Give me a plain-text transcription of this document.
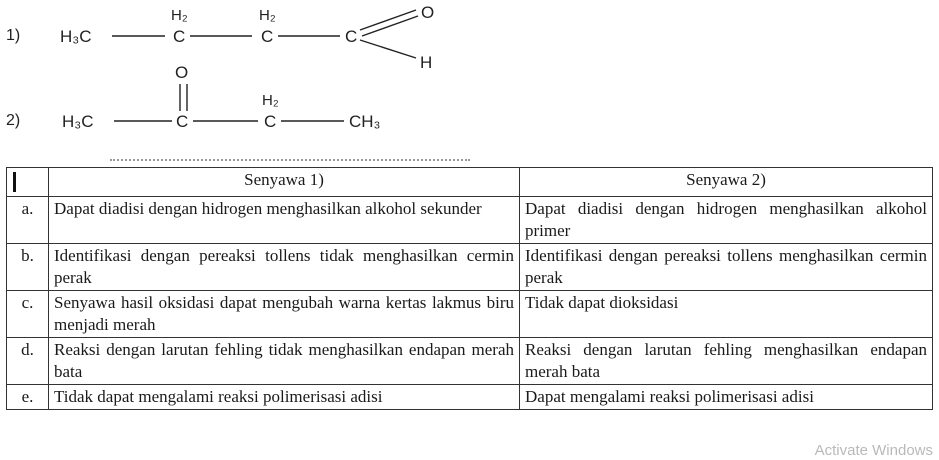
1) H₃C
H₂
C
H₂
C	C
O
H
2)
O
H₃C	C
H₂
C	CH₃
	Senyawa 1)	Senyawa 2)
a.	Dapat diadisi dengan hidrogen menghasilkan alkohol sekunder	Dapat diadisi dengan hidrogen menghasilkan alkohol primer
b.	Identifikasi dengan pereaksi tollens tidak menghasilkan cermin perak	Identifikasi dengan pereaksi tollens menghasilkan cermin perak
c.	Senyawa hasil oksidasi dapat mengubah warna kertas lakmus biru menjadi merah	Tidak dapat dioksidasi
d.	Reaksi dengan larutan fehling tidak menghasilkan endapan merah bata	Reaksi dengan larutan fehling menghasilkan endapan merah bata
e.	Tidak dapat mengalami reaksi polimerisasi adisi	Dapat mengalami reaksi polimerisasi adisi
Activate Windows
